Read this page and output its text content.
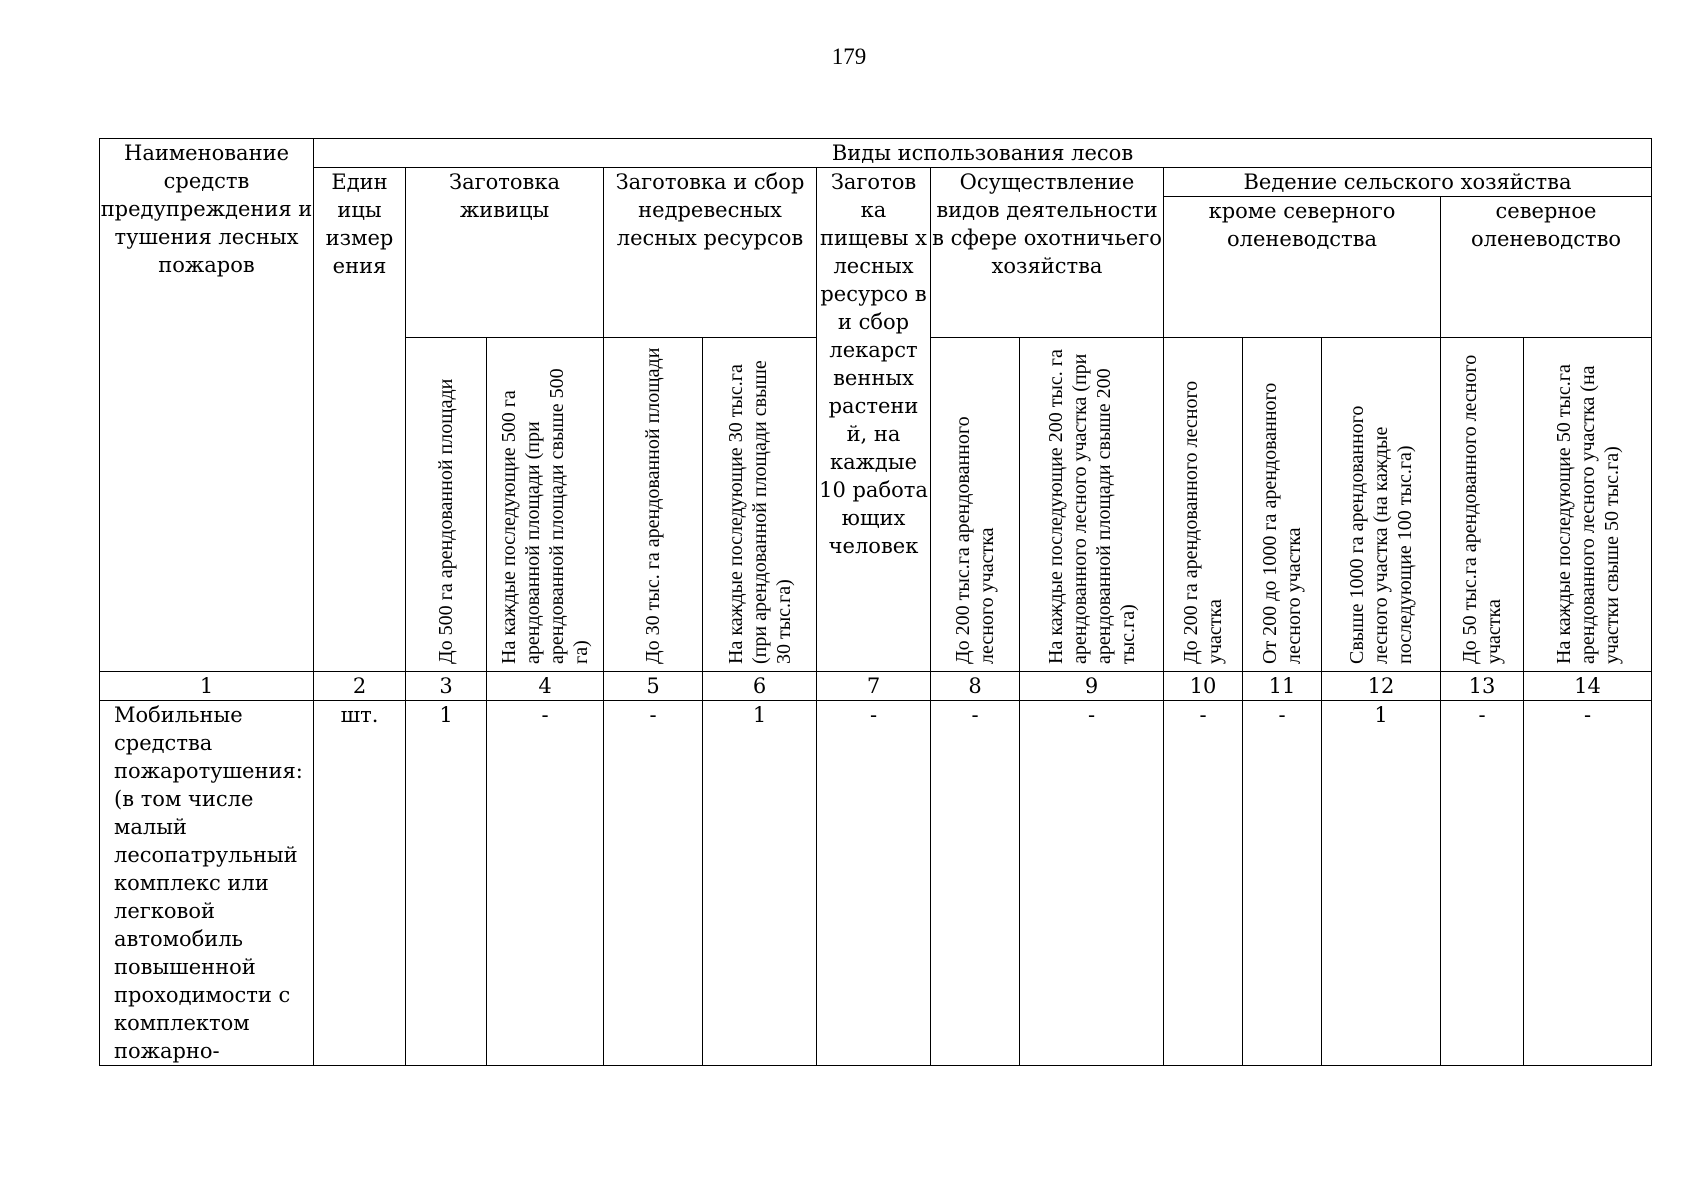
179
Наименование средств предупреждения и тушения лесных пожаров	Виды использования лесов												
	Един ицы измер ения	Заготовка живицы		Заготовка и сбор недревесных лесных ресурсов		Заготов ка пищевы х лесных ресурсо в и сбор лекарст венных растени й, на каждые 10 работа ющих человек	Осуществление видов деятельности в сфере охотничьего хозяйства		Ведение сельского хозяйства				
									кроме северного оленеводства			северное оленеводство	

		До 500 га арендованной площади	На каждые последующие 500 га арендованной площади (при арендованной площади свыше 500 га)	До 30 тыс. га арендованной площади	На каждые последующие 30 тыс.га (при арендованной площади свыше 30 тыс.га)		До 200 тыс.га арендованного лесного участка	На каждые последующие 200 тыс. га арендованного лесного участка (при арендованной площади свыше 200 тыс.га)	До 200 га арендованного лесного участка	От 200 до 1000 га арендованного лесного участка	Свыше 1000 га арендованного лесного участка (на каждые последующие 100 тыс.га)	До 50 тыс.га арендованного лесного участка	На каждые последующие 50 тыс.га арендованного лесного участка (на участки свыше 50 тыс.га)

1	2	3	4	5	6	7	8	9	10	11	12	13	14
Мобильные средства пожаротушения: (в том числе малый лесопатрульный комплекс или легковой автомобиль повышенной проходимости с комплектом пожарно-	шт.	1	-	-	1	-	-	-	-	-	1	-	-
